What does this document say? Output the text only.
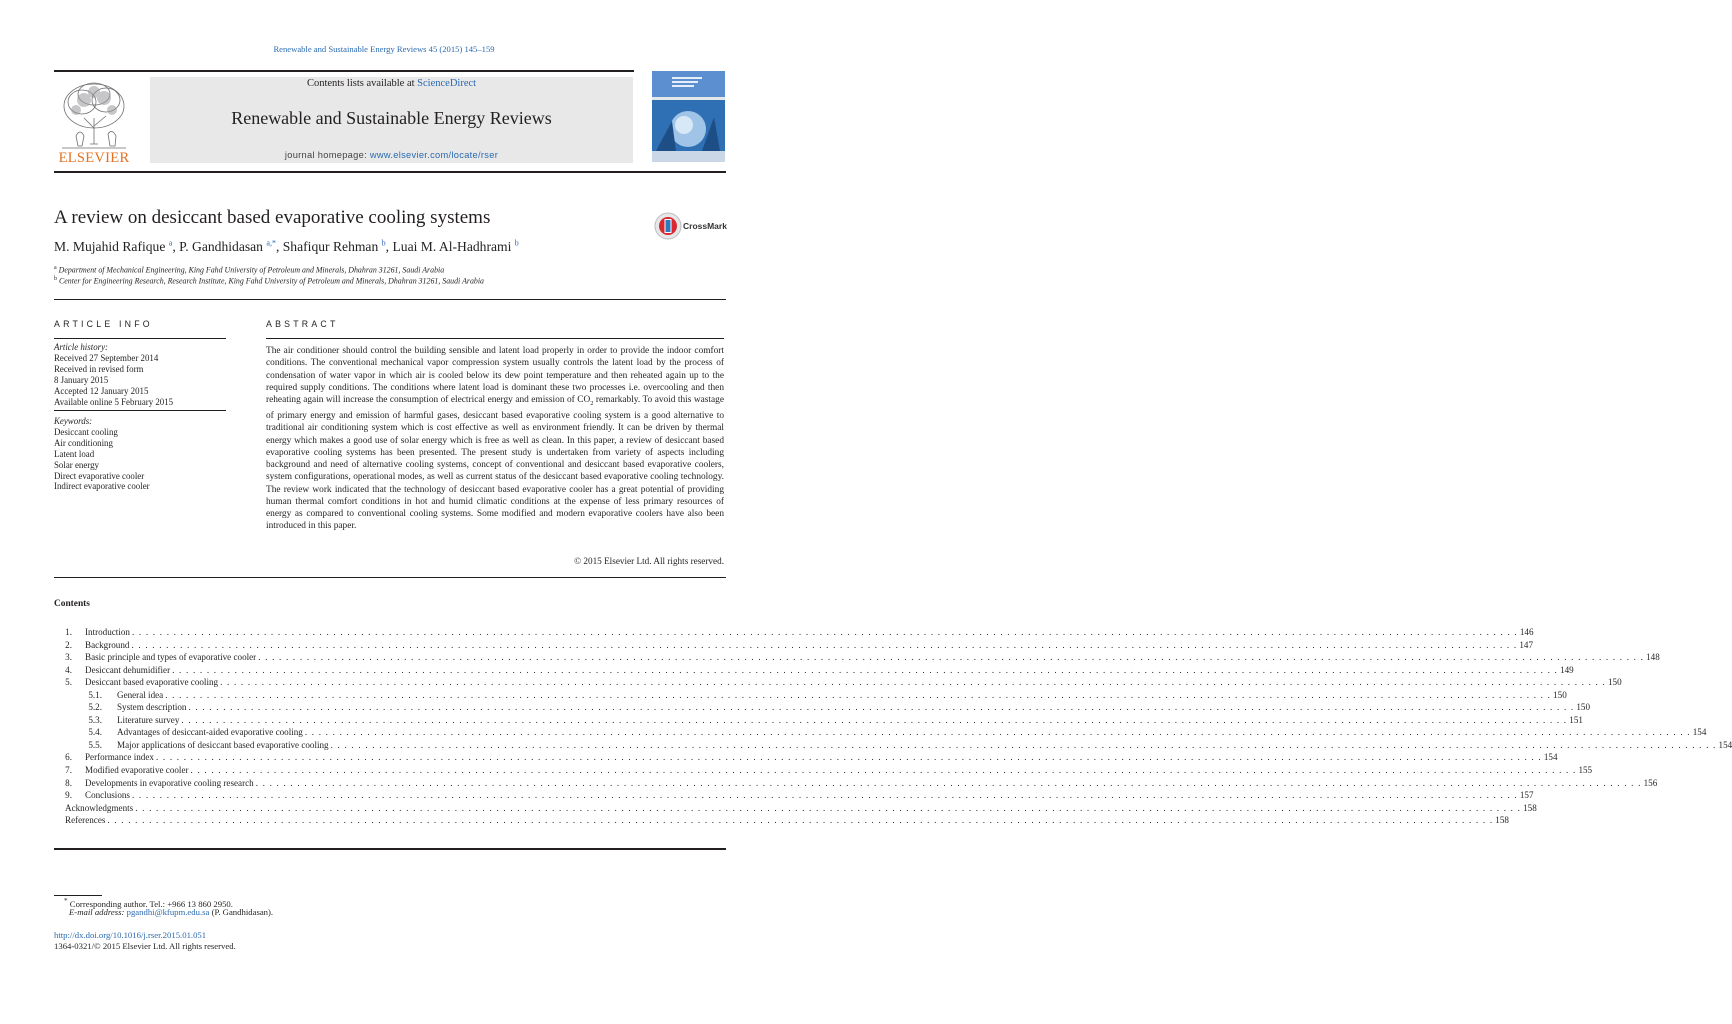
Renewable and Sustainable Energy Reviews 45 (2015) 145–159
ELSEVIER
Contents lists available at ScienceDirect
Renewable and Sustainable Energy Reviews
journal homepage: www.elsevier.com/locate/rser
A review on desiccant based evaporative cooling systems	CrossMark
M. Mujahid Rafique $^a$, P. Gandhidasan $^{a,*}$, Shafiqur Rehman $^b$, Luai M. Al-Hadhrami $^b$
$^a$ Department of Mechanical Engineering, King Fahd University of Petroleum and Minerals, Dhahran 31261, Saudi Arabia
$^b$ Center for Engineering Research, Research Institute, King Fahd University of Petroleum and Minerals, Dhahran 31261, Saudi Arabia
ARTICLE INFO
Article history:
Received 27 September 2014
Received in revised form
8 January 2015
Accepted 12 January 2015
Available online 5 February 2015
Keywords:
Desiccant cooling
Air conditioning
Latent load
Solar energy
Direct evaporative cooler
Indirect evaporative cooler
ABSTRACT
The air conditioner should control the building sensible and latent load properly in order to provide the indoor comfort conditions. The conventional mechanical vapor compression system usually controls the latent load by the process of condensation of water vapor in which air is cooled below its dew point temperature and then reheated again up to the required supply conditions. The conditions where latent load is dominant these two processes i.e. overcooling and then reheating again will increase the consumption of electrical energy and emission of $CO_2$ remarkably. To avoid this wastage of primary energy and emission of harmful gases, desiccant based evaporative cooling system is a good alternative to traditional air conditioning system which is cost effective as well as environment friendly. It can be driven by thermal energy which makes a good use of solar energy which is free as well as clean. In this paper, a review of desiccant based evaporative cooling systems has been presented. The present study is undertaken from variety of aspects including background and need of alternative cooling systems, concept of conventional and desiccant based evaporative coolers, system configurations, operational modes, as well as current status of the desiccant based evaporative cooling technology. The review work indicated that the technology of desiccant based evaporative cooler has a great potential of providing human thermal comfort conditions in hot and humid climatic conditions at the expense of less primary resources of energy as compared to conventional cooling systems. Some modified and modern evaporative coolers have also been introduced in this paper.
© 2015 Elsevier Ltd. All rights reserved.
Contents
1. Introduction . . . . . . . . . . . . . . . . . . . . . . . . . . . . . . . . . . . . . . . . . . . . . . . . . . . . . . . . . . . . . . . . . . . . . . . . . . . . . . . . . . . . . . . . . . . . . . . . . . . . . . . . . . . . . . . . . . . . . . . . . . . . . . . . . . . . . . . . . . . . . . . . . . . . . . . . . . . . . . . . . . . . . . . . . . . . . . . . . . . . . . . . . . . . . . . . . . . . . . . . 146
2. Background . . . . . . . . . . . . . . . . . . . . . . . . . . . . . . . . . . . . . . . . . . . . . . . . . . . . . . . . . . . . . . . . . . . . . . . . . . . . . . . . . . . . . . . . . . . . . . . . . . . . . . . . . . . . . . . . . . . . . . . . . . . . . . . . . . . . . . . . . . . . . . . . . . . . . . . . . . . . . . . . . . . . . . . . . . . . . . . . . . . . . . . . . . . . . . . . . . . . . . . . 147
3. Basic principle and types of evaporative cooler . . . . . . . . . . . . . . . . . . . . . . . . . . . . . . . . . . . . . . . . . . . . . . . . . . . . . . . . . . . . . . . . . . . . . . . . . . . . . . . . . . . . . . . . . . . . . . . . . . . . . . . . . . . . . . . . . . . . . . . . . . . . . . . . . . . . . . . . . . . . . . . . . . . . . . . . . . . . . . . . . . . . . . . . . . . . . . . . . . . . . . . . . . . . . . . . . . . . . . . . 148
4. Desiccant dehumidifier . . . . . . . . . . . . . . . . . . . . . . . . . . . . . . . . . . . . . . . . . . . . . . . . . . . . . . . . . . . . . . . . . . . . . . . . . . . . . . . . . . . . . . . . . . . . . . . . . . . . . . . . . . . . . . . . . . . . . . . . . . . . . . . . . . . . . . . . . . . . . . . . . . . . . . . . . . . . . . . . . . . . . . . . . . . . . . . . . . . . . . . . . . . . . . . . . . . . . . . . 149
5. Desiccant based evaporative cooling . . . . . . . . . . . . . . . . . . . . . . . . . . . . . . . . . . . . . . . . . . . . . . . . . . . . . . . . . . . . . . . . . . . . . . . . . . . . . . . . . . . . . . . . . . . . . . . . . . . . . . . . . . . . . . . . . . . . . . . . . . . . . . . . . . . . . . . . . . . . . . . . . . . . . . . . . . . . . . . . . . . . . . . . . . . . . . . . . . . . . . . . . . . . . . . . . . . . . . . . 150
5.1. General idea . . . . . . . . . . . . . . . . . . . . . . . . . . . . . . . . . . . . . . . . . . . . . . . . . . . . . . . . . . . . . . . . . . . . . . . . . . . . . . . . . . . . . . . . . . . . . . . . . . . . . . . . . . . . . . . . . . . . . . . . . . . . . . . . . . . . . . . . . . . . . . . . . . . . . . . . . . . . . . . . . . . . . . . . . . . . . . . . . . . . . . . . . . . . . . . . . . . . . . . . 150
5.2. System description . . . . . . . . . . . . . . . . . . . . . . . . . . . . . . . . . . . . . . . . . . . . . . . . . . . . . . . . . . . . . . . . . . . . . . . . . . . . . . . . . . . . . . . . . . . . . . . . . . . . . . . . . . . . . . . . . . . . . . . . . . . . . . . . . . . . . . . . . . . . . . . . . . . . . . . . . . . . . . . . . . . . . . . . . . . . . . . . . . . . . . . . . . . . . . . . . . . . . . . . 150
5.3. Literature survey . . . . . . . . . . . . . . . . . . . . . . . . . . . . . . . . . . . . . . . . . . . . . . . . . . . . . . . . . . . . . . . . . . . . . . . . . . . . . . . . . . . . . . . . . . . . . . . . . . . . . . . . . . . . . . . . . . . . . . . . . . . . . . . . . . . . . . . . . . . . . . . . . . . . . . . . . . . . . . . . . . . . . . . . . . . . . . . . . . . . . . . . . . . . . . . . . . . . . . . . 151
5.4. Advantages of desiccant-aided evaporative cooling . . . . . . . . . . . . . . . . . . . . . . . . . . . . . . . . . . . . . . . . . . . . . . . . . . . . . . . . . . . . . . . . . . . . . . . . . . . . . . . . . . . . . . . . . . . . . . . . . . . . . . . . . . . . . . . . . . . . . . . . . . . . . . . . . . . . . . . . . . . . . . . . . . . . . . . . . . . . . . . . . . . . . . . . . . . . . . . . . . . . . . . . . . . . . . . . . . . . . . . . 154
5.5. Major applications of desiccant based evaporative cooling . . . . . . . . . . . . . . . . . . . . . . . . . . . . . . . . . . . . . . . . . . . . . . . . . . . . . . . . . . . . . . . . . . . . . . . . . . . . . . . . . . . . . . . . . . . . . . . . . . . . . . . . . . . . . . . . . . . . . . . . . . . . . . . . . . . . . . . . . . . . . . . . . . . . . . . . . . . . . . . . . . . . . . . . . . . . . . . . . . . . . . . . . . . . . . . . . . . . . . . . 154
6. Performance index . . . . . . . . . . . . . . . . . . . . . . . . . . . . . . . . . . . . . . . . . . . . . . . . . . . . . . . . . . . . . . . . . . . . . . . . . . . . . . . . . . . . . . . . . . . . . . . . . . . . . . . . . . . . . . . . . . . . . . . . . . . . . . . . . . . . . . . . . . . . . . . . . . . . . . . . . . . . . . . . . . . . . . . . . . . . . . . . . . . . . . . . . . . . . . . . . . . . . . . . 154
7. Modified evaporative cooler . . . . . . . . . . . . . . . . . . . . . . . . . . . . . . . . . . . . . . . . . . . . . . . . . . . . . . . . . . . . . . . . . . . . . . . . . . . . . . . . . . . . . . . . . . . . . . . . . . . . . . . . . . . . . . . . . . . . . . . . . . . . . . . . . . . . . . . . . . . . . . . . . . . . . . . . . . . . . . . . . . . . . . . . . . . . . . . . . . . . . . . . . . . . . . . . . . . . . . . . 155
8. Developments in evaporative cooling research . . . . . . . . . . . . . . . . . . . . . . . . . . . . . . . . . . . . . . . . . . . . . . . . . . . . . . . . . . . . . . . . . . . . . . . . . . . . . . . . . . . . . . . . . . . . . . . . . . . . . . . . . . . . . . . . . . . . . . . . . . . . . . . . . . . . . . . . . . . . . . . . . . . . . . . . . . . . . . . . . . . . . . . . . . . . . . . . . . . . . . . . . . . . . . . . . . . . . . . . 156
9. Conclusions . . . . . . . . . . . . . . . . . . . . . . . . . . . . . . . . . . . . . . . . . . . . . . . . . . . . . . . . . . . . . . . . . . . . . . . . . . . . . . . . . . . . . . . . . . . . . . . . . . . . . . . . . . . . . . . . . . . . . . . . . . . . . . . . . . . . . . . . . . . . . . . . . . . . . . . . . . . . . . . . . . . . . . . . . . . . . . . . . . . . . . . . . . . . . . . . . . . . . . . . 157
Acknowledgments . . . . . . . . . . . . . . . . . . . . . . . . . . . . . . . . . . . . . . . . . . . . . . . . . . . . . . . . . . . . . . . . . . . . . . . . . . . . . . . . . . . . . . . . . . . . . . . . . . . . . . . . . . . . . . . . . . . . . . . . . . . . . . . . . . . . . . . . . . . . . . . . . . . . . . . . . . . . . . . . . . . . . . . . . . . . . . . . . . . . . . . . . . . . . . . . . . . . . . . . 158
References . . . . . . . . . . . . . . . . . . . . . . . . . . . . . . . . . . . . . . . . . . . . . . . . . . . . . . . . . . . . . . . . . . . . . . . . . . . . . . . . . . . . . . . . . . . . . . . . . . . . . . . . . . . . . . . . . . . . . . . . . . . . . . . . . . . . . . . . . . . . . . . . . . . . . . . . . . . . . . . . . . . . . . . . . . . . . . . . . . . . . . . . . . . . . . . . . . . . . . . . 158
* Corresponding author. Tel.: +966 13 860 2950.
E-mail address: pgandhi@kfupm.edu.sa (P. Gandhidasan).
http://dx.doi.org/10.1016/j.rser.2015.01.051
1364-0321/© 2015 Elsevier Ltd. All rights reserved.
